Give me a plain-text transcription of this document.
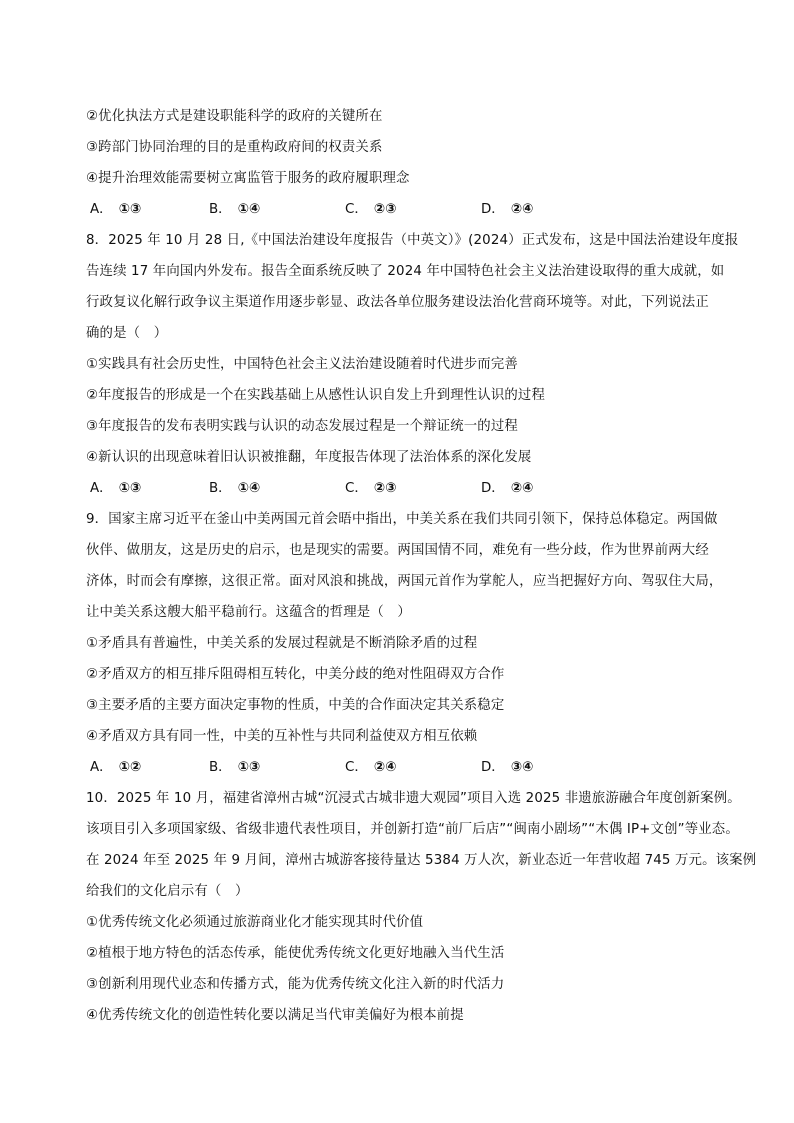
②优化执法方式是建设职能科学的政府的关键所在
③跨部门协同治理的目的是重构政府间的权责关系
④提升治理效能需要树立寓监管于服务的政府履职理念
A． ①③	B． ①④	C． ②③	D． ②④
8．2025 年 10 月 28 日,《中国法治建设年度报告（中英文）》(2024）正式发布，这是中国法治建设年度报
告连续 17 年向国内外发布。报告全面系统反映了 2024 年中国特色社会主义法治建设取得的重大成就，如
行政复议化解行政争议主渠道作用逐步彰显、政法各单位服务建设法治化营商环境等。对此，下列说法正
确的是（　）
①实践具有社会历史性，中国特色社会主义法治建设随着时代进步而完善
②年度报告的形成是一个在实践基础上从感性认识自发上升到理性认识的过程
③年度报告的发布表明实践与认识的动态发展过程是一个辩证统一的过程
④新认识的出现意味着旧认识被推翻，年度报告体现了法治体系的深化发展
A． ①③	B． ①④	C． ②③	D． ②④
9．国家主席习近平在釜山中美两国元首会晤中指出，中美关系在我们共同引领下，保持总体稳定。两国做
伙伴、做朋友，这是历史的启示，也是现实的需要。两国国情不同，难免有一些分歧，作为世界前两大经
济体，时而会有摩擦，这很正常。面对风浪和挑战，两国元首作为掌舵人，应当把握好方向、驾驭住大局，
让中美关系这艘大船平稳前行。这蕴含的哲理是（　）
①矛盾具有普遍性，中美关系的发展过程就是不断消除矛盾的过程
②矛盾双方的相互排斥阻碍相互转化，中美分歧的绝对性阻碍双方合作
③主要矛盾的主要方面决定事物的性质，中美的合作面决定其关系稳定
④矛盾双方具有同一性，中美的互补性与共同利益使双方相互依赖
A． ①②	B． ①③	C． ②④	D． ③④
10．2025 年 10 月，福建省漳州古城“沉浸式古城非遗大观园”项目入选 2025 非遗旅游融合年度创新案例。
该项目引入多项国家级、省级非遗代表性项目，并创新打造“前厂后店”“闽南小剧场”“木偶 IP+文创”等业态。
在 2024 年至 2025 年 9 月间，漳州古城游客接待量达 5384 万人次，新业态近一年营收超 745 万元。该案例
给我们的文化启示有（　）
①优秀传统文化必须通过旅游商业化才能实现其时代价值
②植根于地方特色的活态传承，能使优秀传统文化更好地融入当代生活
③创新利用现代业态和传播方式，能为优秀传统文化注入新的时代活力
④优秀传统文化的创造性转化要以满足当代审美偏好为根本前提
